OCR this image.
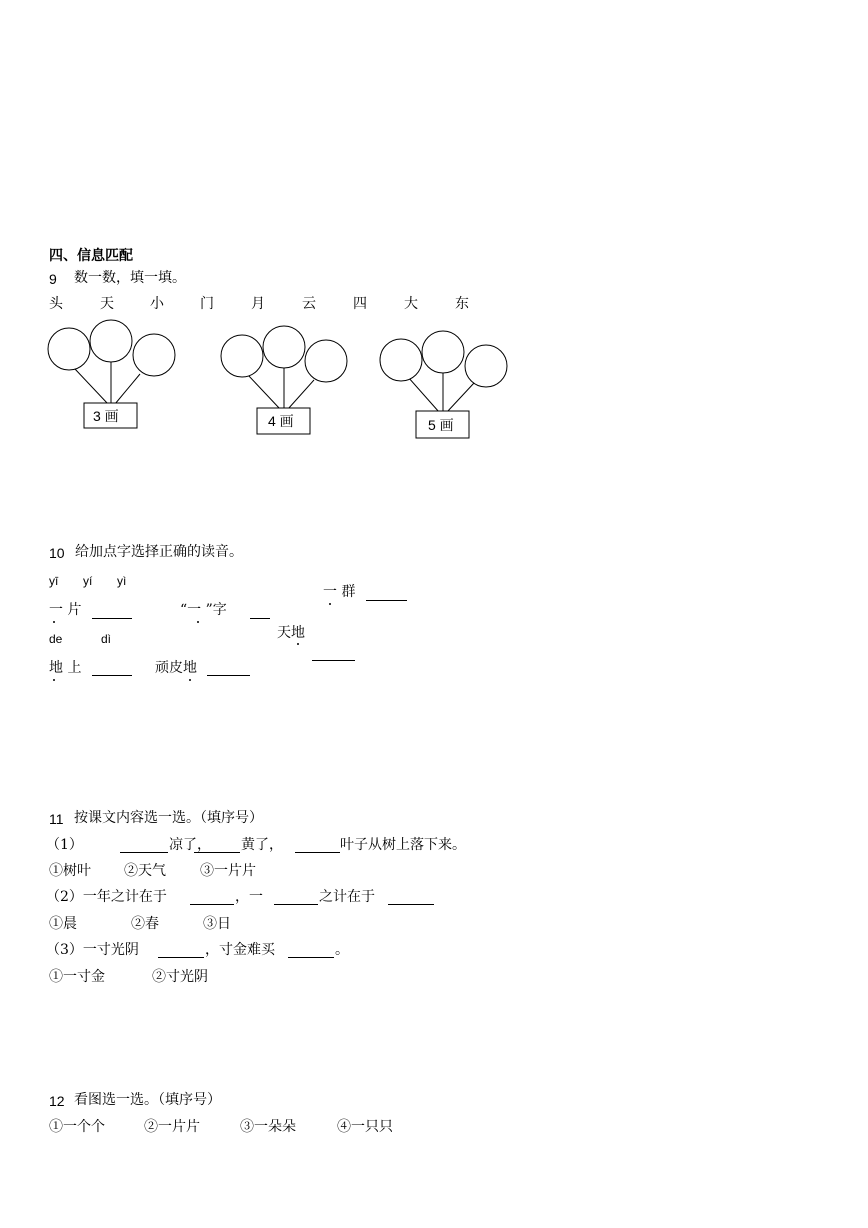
四、信息匹配
9 数一数，填一填。
头	天	小	门	月	云	四	大	东
3 画	4 画	5 画
10 给加点字选择正确的读音。
yī yí yì
一 片	“一 ”字
一 群
de	dì	天地
地 上	顽皮地
11 按课文内容选一选。（填序号）
（1）	凉了， 黄了，	叶子从树上落下来。
①树叶 ②天气 ③一片片
（2）一年之计在于	，一	之计在于
①晨	②春	③日
（3）一寸光阴	，寸金难买	。
①一寸金	②寸光阴
12 看图选一选。（填序号）
①一个个	②一片片	③一朵朵	④一只只
